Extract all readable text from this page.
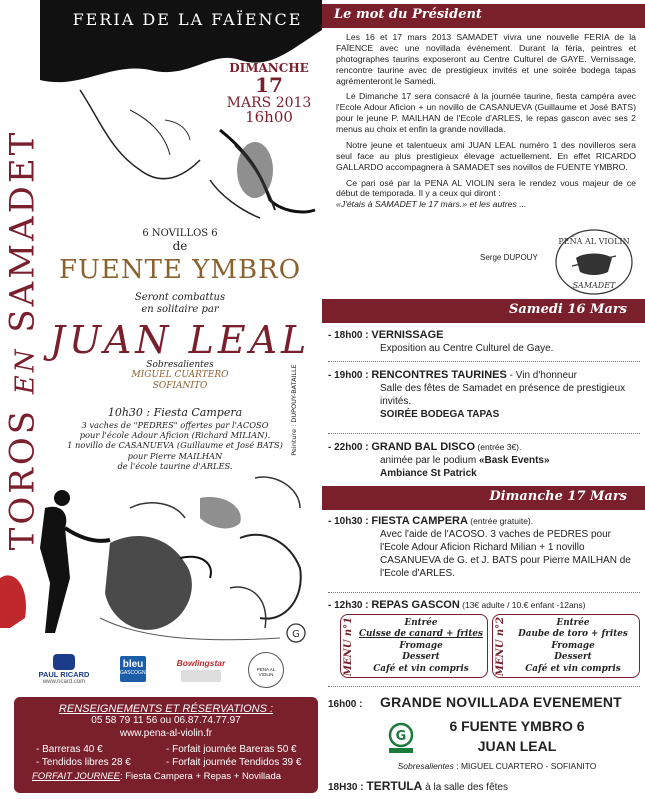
TOROS EN SAMADET
FERIA DE LA FAÏENCE
DIMANCHE
17
MARS 2013
16h00
6 NOVILLOS 6
de
FUENTE YMBRO
Seront combattus
en solitaire par
JUAN LEAL
Sobresalientes
MIGUEL CUARTERO
SOFIANITO
10h30 : Fiesta Campera
3 vaches de "PEDRES" offertes par l'ACOSO
pour l'école Adour Aficion (Richard MILIAN).
1 novillo de CASANUEVA (Guillaume et José BATS)
pour Pierre MAILHAN
de l'école taurine d'ARLES.
Peinture : DUPOUY-BATAILLE
G
PAUL RICARD
www.ricard.com
bleu
GASCOGNE
Bowlingstar
PENA AL VIOLIN
RENSEIGNEMENTS ET RÉSERVATIONS :
05 58 79 11 56 ou 06.87.74.77.97
www.pena-al-violin.fr
- Barreras 40 €
- Tendidos libres 28 €
- Forfait journée Bareras 50 €
- Forfait journée Tendidos 39 €
FORFAIT JOURNEE: Fiesta Campera + Repas + Novillada
Le mot du Président

Les 16 et 17 mars 2013 SAMADET vivra une nouvelle FERIA de la FAÏENCE avec une novillada événement. Durant la féria, peintres et photographes taurins exposeront au Centre Culturel de GAYE. Vernissage, rencontre taurine avec de prestigieux invités et une soirée bodega tapas agrémenteront le Samedi.

Le Dimanche 17 sera consacré à la journée taurine, fiesta campéra avec l'Ecole Adour Aficion + un novillo de CASANUEVA (Guillaume et José BATS) pour le jeune P. MAILHAN de l'Ecole d'ARLES, le repas gascon avec ses 2 menus au choix et enfin la grande novillada.

Notre jeune et talentueux ami JUAN LEAL numéro 1 des novilleros sera seul face au plus prestigieux élevage actuellement. En effet RICARDO GALLARDO accompagnera à SAMADET ses novillos de FUENTE YMBRO.

Ce pari osé par la PENA AL VIOLIN sera le rendez vous majeur de ce début de temporada. Il y a ceux qui diront :

«J'étais à SAMADET le 17 mars.» et les autres ...
Serge DUPOUY
PEÑA AL VIOLIN
SAMADET
Samedi 16 Mars
- 18h00 : VERNISSAGE
Exposition au Centre Culturel de Gaye.
- 19h00 : RENCONTRES TAURINES - Vin d'honneur
Salle des fêtes de Samadet en présence de prestigieux invités.
SOIRÉE BODEGA TAPAS
- 22h00 : GRAND BAL DISCO (entrée 3€).
animée par le podium «Bask Events»
Ambiance St Patrick
Dimanche 17 Mars
- 10h30 : FIESTA CAMPERA (entrée gratuite).
Avec l'aide de l'ACOSO. 3 vaches de PEDRES pour l'Ecole Adour Aficion Richard Milian + 1 novillo CASANUEVA de G. et J. BATS pour Pierre MAILHAN de l'Ecole d'ARLES.
- 12h30 : REPAS GASCON (13€ adulte / 10.€ enfant -12ans)
MENU n°1	Entrée
Cuisse de canard + frites
Fromage
Dessert
Café et vin compris	MENU n°2	Entrée
Daube de toro + frites
Fromage
Dessert
Café et vin compris
16h00 : GRANDE NOVILLADA EVENEMENT
G
6 FUENTE YMBRO 6
JUAN LEAL
Sobresalientes : MIGUEL CUARTERO - SOFIANITO
18H30 : TERTULA à la salle des fêtes
